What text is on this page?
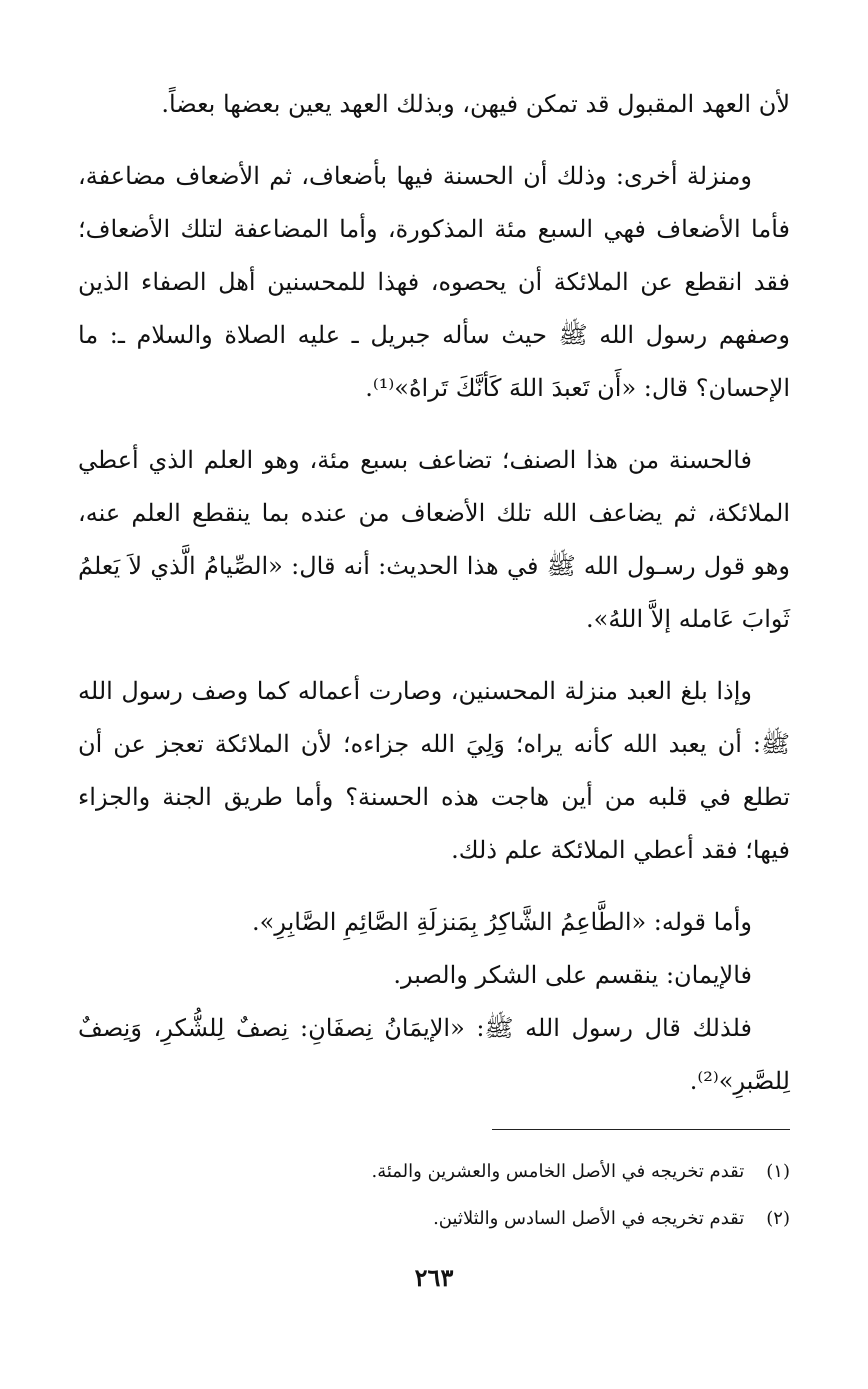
لأن العهد المقبول قد تمكن فيهن، وبذلك العهد يعين بعضها بعضاً.

ومنزلة أخرى: وذلك أن الحسنة فيها بأضعاف، ثم الأضعاف مضاعفة، فأما الأضعاف فهي السبع مئة المذكورة، وأما المضاعفة لتلك الأضعاف؛ فقد انقطع عن الملائكة أن يحصوه، فهذا للمحسنين أهل الصفاء الذين وصفهم رسول الله ﷺ حيث سأله جبريل ـ عليه الصلاة والسلام ـ: ما الإحسان؟ قال: «أَن تَعبدَ اللهَ كَأنَّكَ تَراهُ»⁽¹⁾.

فالحسنة من هذا الصنف؛ تضاعف بسبع مئة، وهو العلم الذي أعطي الملائكة، ثم يضاعف الله تلك الأضعاف من عنده بما ينقطع العلم عنه، وهو قول رسـول الله ﷺ في هذا الحديث: أنه قال: «الصِّيامُ الَّذي لاَ يَعلمُ ثَوابَ عَامله إلاَّ اللهُ».

وإذا بلغ العبد منزلة المحسنين، وصارت أعماله كما وصف رسول الله ﷺ: أن يعبد الله كأنه يراه؛ وَلِيَ الله جزاءه؛ لأن الملائكة تعجز عن أن تطلع في قلبه من أين هاجت هذه الحسنة؟ وأما طريق الجنة والجزاء فيها؛ فقد أعطي الملائكة علم ذلك.

وأما قوله: «الطَّاعِمُ الشَّاكِرُ بِمَنزلَةِ الصَّائِمِ الصَّابِرِ».

فالإيمان: ينقسم على الشكر والصبر.

فلذلك قال رسول الله ﷺ: «الإيمَانُ نِصفَانِ: نِصفٌ لِلشُّكرِ، وَنِصفٌ لِلصَّبرِ»⁽²⁾.

(١) تقدم تخريجه في الأصل الخامس والعشرين والمئة.

(٢) تقدم تخريجه في الأصل السادس والثلاثين.

٢٦٣
